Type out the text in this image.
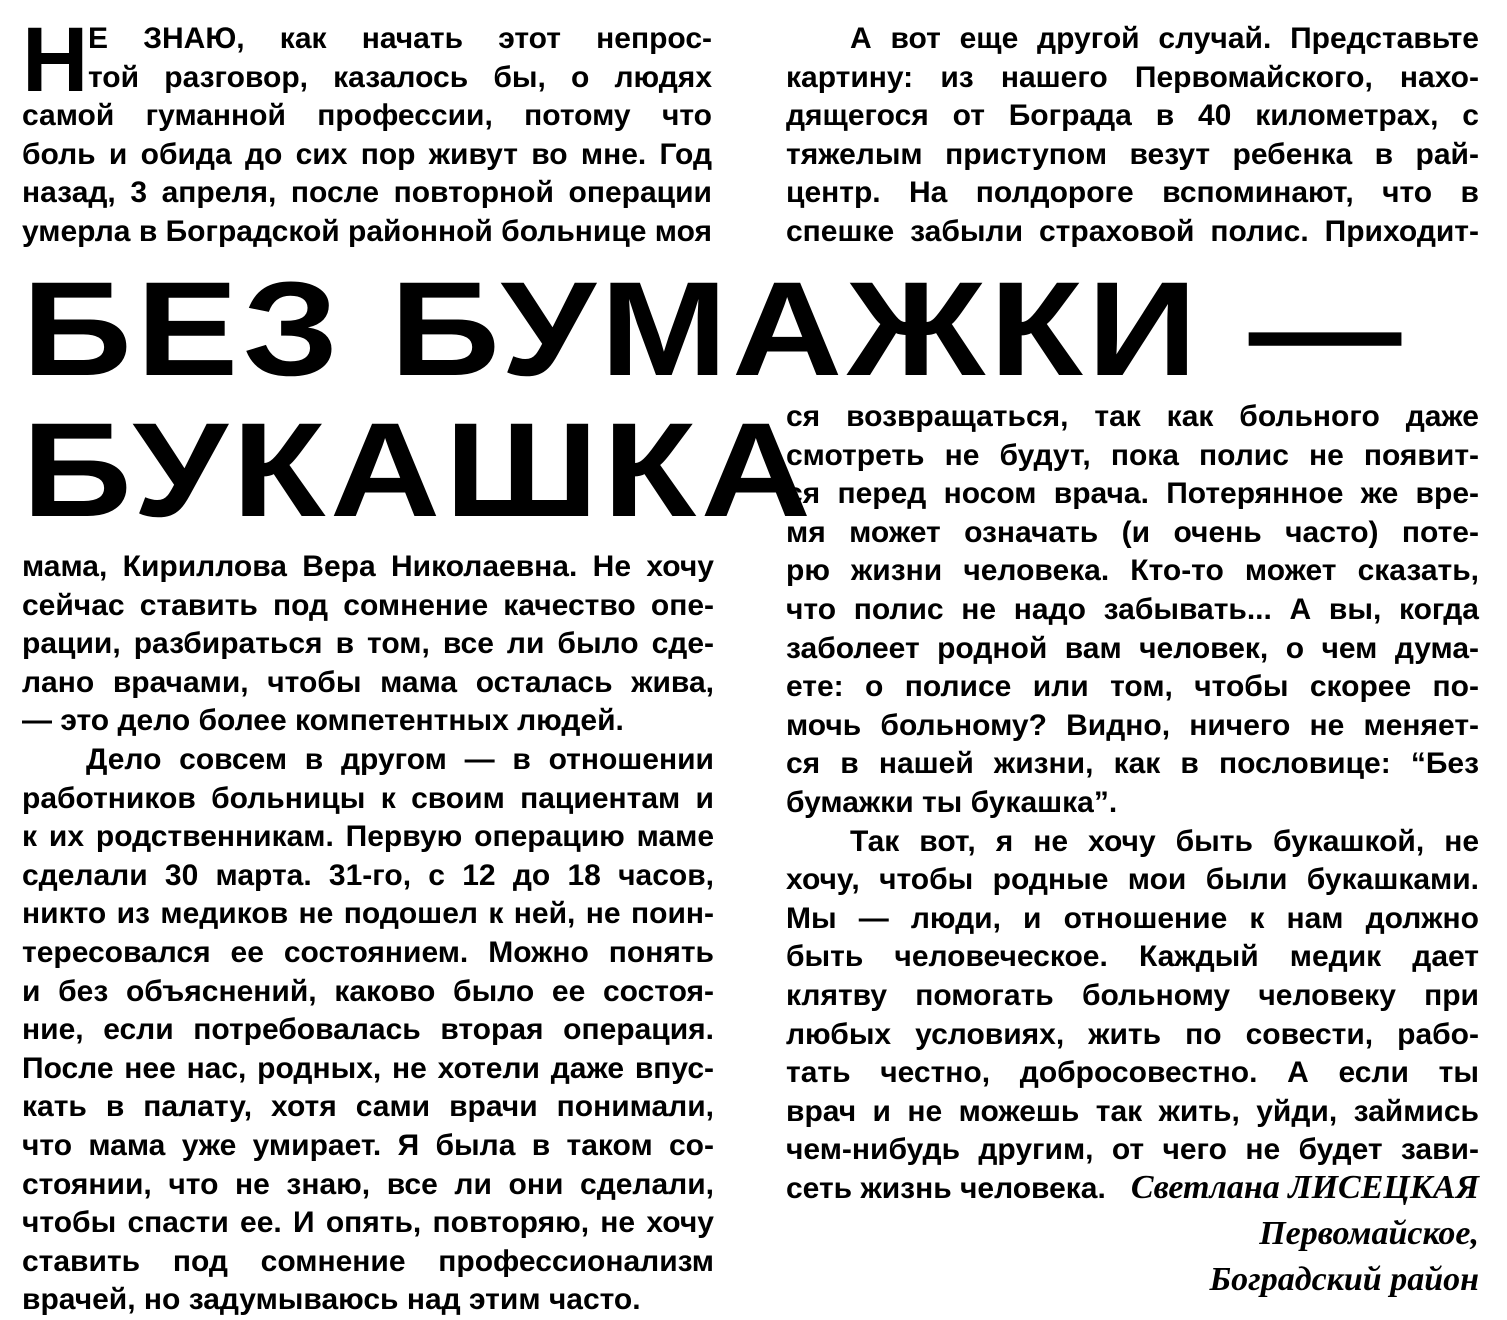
Н Е ЗНАЮ, как начать этот непрос-
той разговор, казалось бы, о людях
самой гуманной профессии, потому что
боль и обида до сих пор живут во мне. Год
назад, 3 апреля, после повторной операции
умерла в Боградской районной больнице моя
А вот еще другой случай. Представьте
картину: из нашего Первомайского, нахо-
дящегося от Бограда в 40 километрах, с
тяжелым приступом везут ребенка в рай-
центр. На полдороге вспоминают, что в
спешке забыли страховой полис. Приходит-
БЕЗ БУМАЖКИ —
БУКАШКА

мама, Кириллова Вера Николаевна. Не хочу
сейчас ставить под сомнение качество опе-
рации, разбираться в том, все ли было сде-
лано врачами, чтобы мама осталась жива,
— это дело более компетентных людей.

Дело совсем в другом — в отношении
работников больницы к своим пациентам и
к их родственникам. Первую операцию маме
сделали 30 марта. 31-го, с 12 до 18 часов,
никто из медиков не подошел к ней, не поин-
тересовался ее состоянием. Можно понять
и без объяснений, каково было ее состоя-
ние, если потребовалась вторая операция.
После нее нас, родных, не хотели даже впус-
кать в палату, хотя сами врачи понимали,
что мама уже умирает. Я была в таком со-
стоянии, что не знаю, все ли они сделали,
чтобы спасти ее. И опять, повторяю, не хочу
ставить под сомнение профессионализм
врачей, но задумываюсь над этим часто.

ся возвращаться, так как больного даже
смотреть не будут, пока полис не появит-
ся перед носом врача. Потерянное же вре-
мя может означать (и очень часто) поте-
рю жизни человека. Кто-то может сказать,
что полис не надо забывать... А вы, когда
заболеет родной вам человек, о чем дума-
ете: о полисе или том, чтобы скорее по-
мочь больному? Видно, ничего не меняет-
ся в нашей жизни, как в пословице: “Без
бумажки ты букашка”.

Так вот, я не хочу быть букашкой, не
хочу, чтобы родные мои были букашками.
Мы — люди, и отношение к нам должно
быть человеческое. Каждый медик дает
клятву помогать больному человеку при
любых условиях, жить по совести, рабо-
тать честно, добросовестно. А если ты
врач и не можешь так жить, уйди, займись
чем-нибудь другим, от чего не будет зави-
сеть жизнь человека. Светлана ЛИСЕЦКАЯ
Первомайское,
Боградский район
